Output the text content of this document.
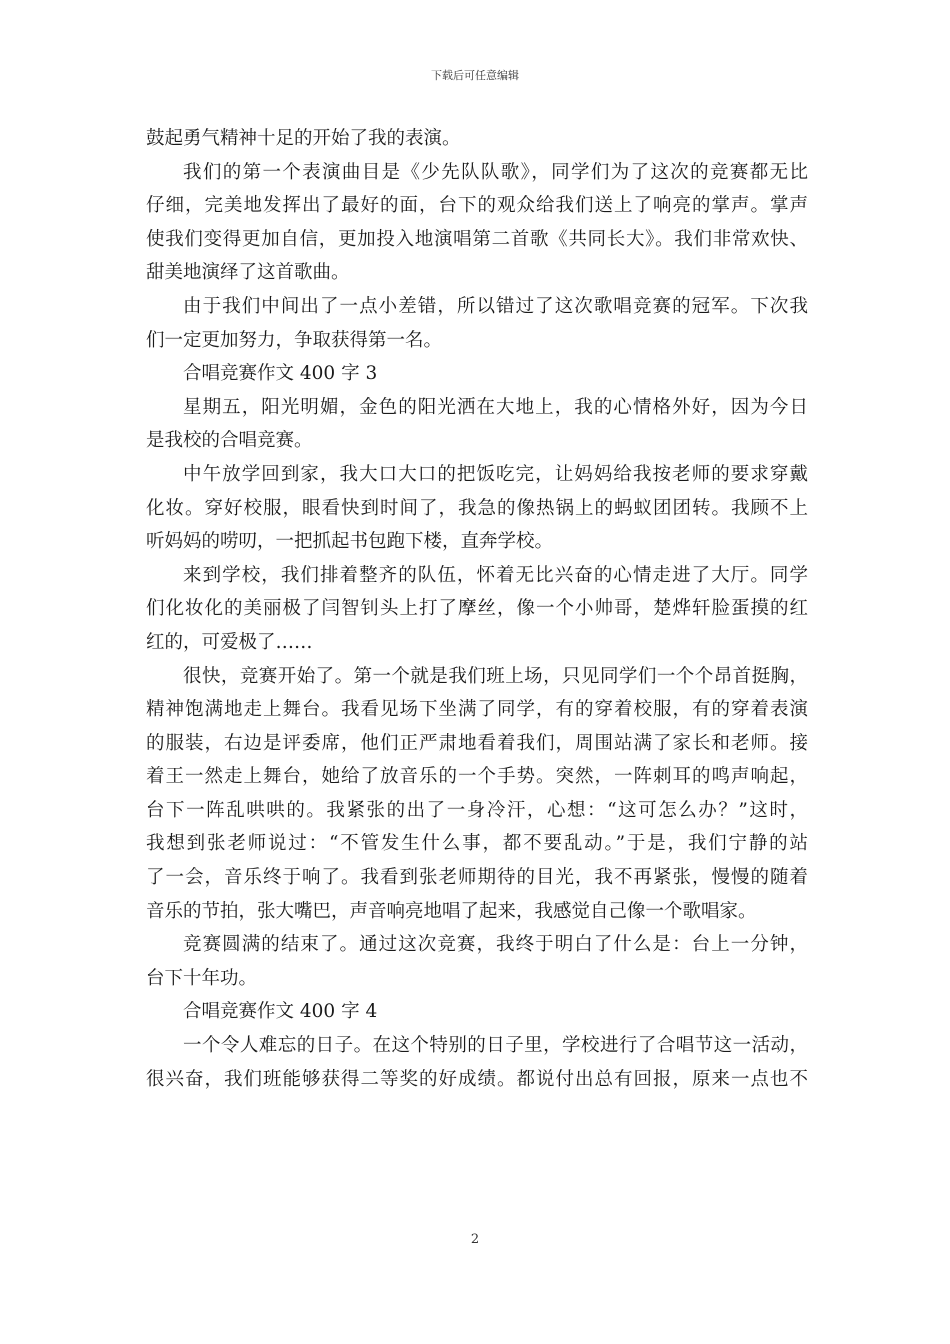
下载后可任意编辑
鼓起勇气精神十足的开始了我的表演。
我们的第一个表演曲目是《少先队队歌》，同学们为了这次的竞赛都无比
仔细，完美地发挥出了最好的面，台下的观众给我们送上了响亮的掌声。掌声
使我们变得更加自信，更加投入地演唱第二首歌《共同长大》。我们非常欢快、
甜美地演绎了这首歌曲。
由于我们中间出了一点小差错，所以错过了这次歌唱竞赛的冠军。下次我
们一定更加努力，争取获得第一名。
合唱竞赛作文 400 字 3
星期五，阳光明媚，金色的阳光洒在大地上，我的心情格外好，因为今日
是我校的合唱竞赛。
中午放学回到家，我大口大口的把饭吃完，让妈妈给我按老师的要求穿戴
化妆。穿好校服，眼看快到时间了，我急的像热锅上的蚂蚁团团转。我顾不上
听妈妈的唠叨，一把抓起书包跑下楼，直奔学校。
来到学校，我们排着整齐的队伍，怀着无比兴奋的心情走进了大厅。同学
们化妆化的美丽极了闫智钊头上打了摩丝，像一个小帅哥，楚烨轩脸蛋摸的红
红的，可爱极了……
很快，竞赛开始了。第一个就是我们班上场，只见同学们一个个昂首挺胸，
精神饱满地走上舞台。我看见场下坐满了同学，有的穿着校服，有的穿着表演
的服装，右边是评委席，他们正严肃地看着我们，周围站满了家长和老师。接
着王一然走上舞台，她给了放音乐的一个手势。突然，一阵刺耳的鸣声响起，
台下一阵乱哄哄的。我紧张的出了一身冷汗，心想：“这可怎么办？”这时，
我想到张老师说过：“不管发生什么事，都不要乱动。”于是，我们宁静的站
了一会，音乐终于响了。我看到张老师期待的目光，我不再紧张，慢慢的随着
音乐的节拍，张大嘴巴，声音响亮地唱了起来，我感觉自己像一个歌唱家。
竞赛圆满的结束了。通过这次竞赛，我终于明白了什么是：台上一分钟，
台下十年功。
合唱竞赛作文 400 字 4
一个令人难忘的日子。在这个特别的日子里，学校进行了合唱节这一活动，
很兴奋，我们班能够获得二等奖的好成绩。都说付出总有回报，原来一点也不
2
